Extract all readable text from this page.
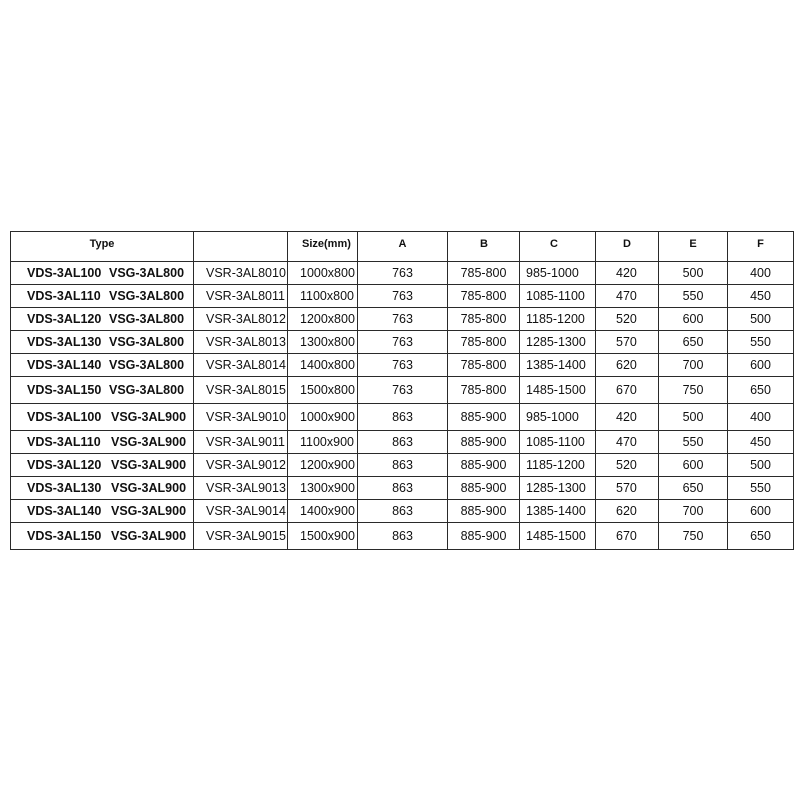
Type		Size(mm)	A	B	C	D	E	F
VDS-3AL100 VSG-3AL800	VSR-3AL8010	1000x800	763	785-800	985-1000	420	500	400
VDS-3AL110 VSG-3AL800	VSR-3AL8011	1100x800	763	785-800	1085-1100	470	550	450
VDS-3AL120 VSG-3AL800	VSR-3AL8012	1200x800	763	785-800	1185-1200	520	600	500
VDS-3AL130 VSG-3AL800	VSR-3AL8013	1300x800	763	785-800	1285-1300	570	650	550
VDS-3AL140 VSG-3AL800	VSR-3AL8014	1400x800	763	785-800	1385-1400	620	700	600
VDS-3AL150 VSG-3AL800	VSR-3AL8015	1500x800	763	785-800	1485-1500	670	750	650
VDS-3AL100 VSG-3AL900	VSR-3AL9010	1000x900	863	885-900	985-1000	420	500	400
VDS-3AL110 VSG-3AL900	VSR-3AL9011	1100x900	863	885-900	1085-1100	470	550	450
VDS-3AL120 VSG-3AL900	VSR-3AL9012	1200x900	863	885-900	1185-1200	520	600	500
VDS-3AL130 VSG-3AL900	VSR-3AL9013	1300x900	863	885-900	1285-1300	570	650	550
VDS-3AL140 VSG-3AL900	VSR-3AL9014	1400x900	863	885-900	1385-1400	620	700	600
VDS-3AL150 VSG-3AL900	VSR-3AL9015	1500x900	863	885-900	1485-1500	670	750	650
